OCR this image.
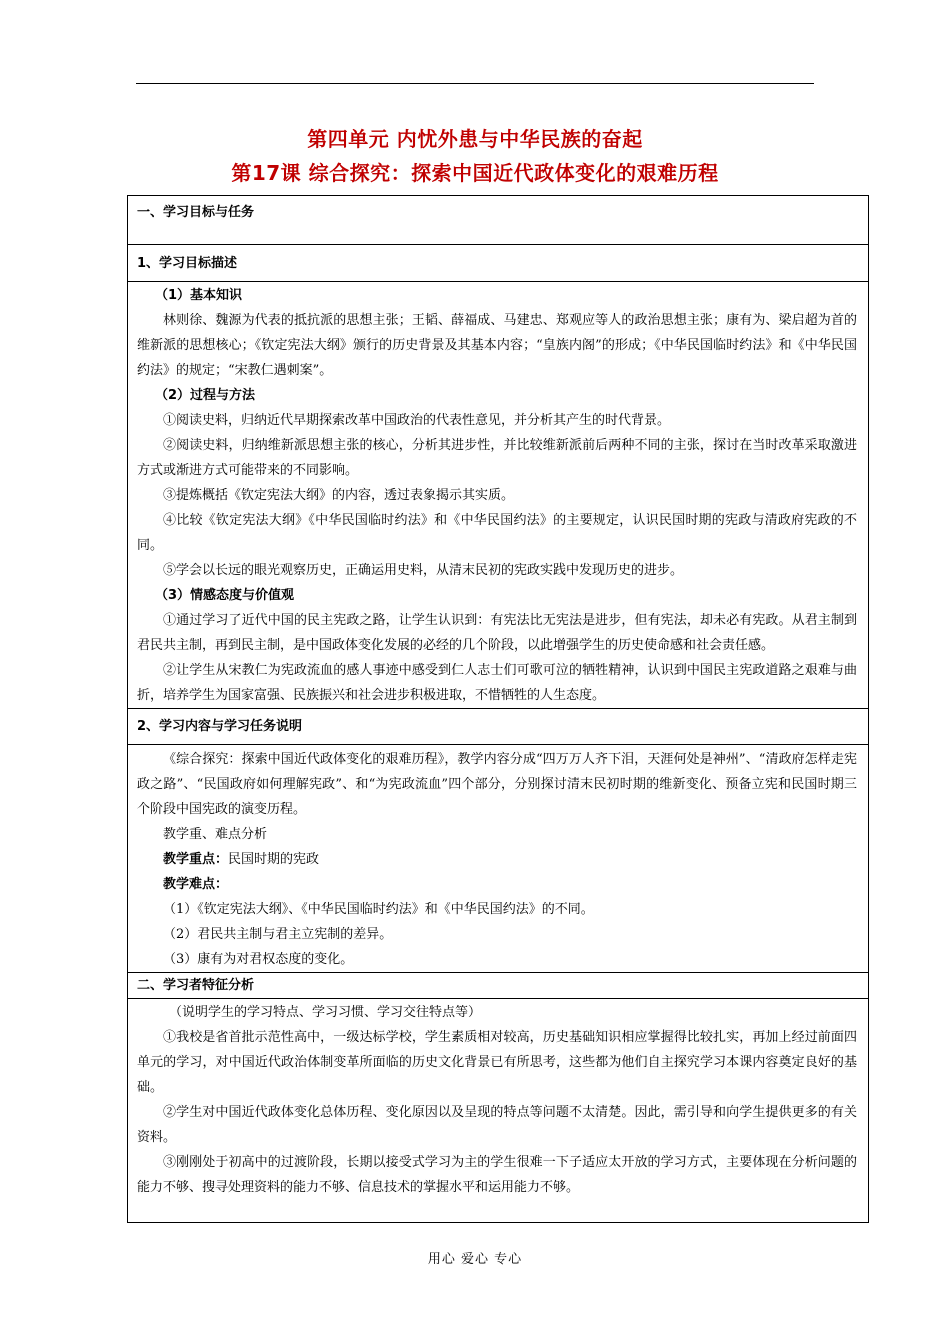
第四单元 内忧外患与中华民族的奋起
第17课 综合探究：探索中国近代政体变化的艰难历程
一、学习目标与任务
1、学习目标描述

（1）基本知识

林则徐、魏源为代表的抵抗派的思想主张；王韬、薛福成、马建忠、郑观应等人的政治思想主张；康有为、梁启超为首的维新派的思想核心；《钦定宪法大纲》颁行的历史背景及其基本内容；“皇族内阁”的形成；《中华民国临时约法》和《中华民国约法》的规定；“宋教仁遇刺案”。

（2）过程与方法

①阅读史料，归纳近代早期探索改革中国政治的代表性意见，并分析其产生的时代背景。

②阅读史料，归纳维新派思想主张的核心，分析其进步性，并比较维新派前后两种不同的主张，探讨在当时改革采取激进方式或渐进方式可能带来的不同影响。

③提炼概括《钦定宪法大纲》的内容，透过表象揭示其实质。

④比较《钦定宪法大纲》《中华民国临时约法》和《中华民国约法》的主要规定，认识民国时期的宪政与清政府宪政的不同。

⑤学会以长远的眼光观察历史，正确运用史料，从清末民初的宪政实践中发现历史的进步。

（3）情感态度与价值观

①通过学习了近代中国的民主宪政之路，让学生认识到：有宪法比无宪法是进步，但有宪法，却未必有宪政。从君主制到君民共主制，再到民主制，是中国政体变化发展的必经的几个阶段，以此增强学生的历史使命感和社会责任感。

②让学生从宋教仁为宪政流血的感人事迹中感受到仁人志士们可歌可泣的牺牲精神，认识到中国民主宪政道路之艰难与曲折，培养学生为国家富强、民族振兴和社会进步积极进取，不惜牺牲的人生态度。

2、学习内容与学习任务说明

《综合探究：探索中国近代政体变化的艰难历程》，教学内容分成“四万万人齐下泪，天涯何处是神州”、“清政府怎样走宪政之路”、“民国政府如何理解宪政”、和“为宪政流血”四个部分，分别探讨清末民初时期的维新变化、预备立宪和民国时期三个阶段中国宪政的演变历程。

教学重、难点分析
教学重点：民国时期的宪政
教学难点：
（1）《钦定宪法大纲》、《中华民国临时约法》和《中华民国约法》的不同。
（2）君民共主制与君主立宪制的差异。
（3）康有为对君权态度的变化。

二、学习者特征分析

（说明学生的学习特点、学习习惯、学习交往特点等）

①我校是省首批示范性高中，一级达标学校，学生素质相对较高，历史基础知识相应掌握得比较扎实，再加上经过前面四单元的学习，对中国近代政治体制变革所面临的历史文化背景已有所思考，这些都为他们自主探究学习本课内容奠定良好的基础。

②学生对中国近代政体变化总体历程、变化原因以及呈现的特点等问题不太清楚。因此，需引导和向学生提供更多的有关资料。

③刚刚处于初高中的过渡阶段，长期以接受式学习为主的学生很难一下子适应太开放的学习方式，主要体现在分析问题的能力不够、搜寻处理资料的能力不够、信息技术的掌握水平和运用能力不够。

用心 爱心 专心
